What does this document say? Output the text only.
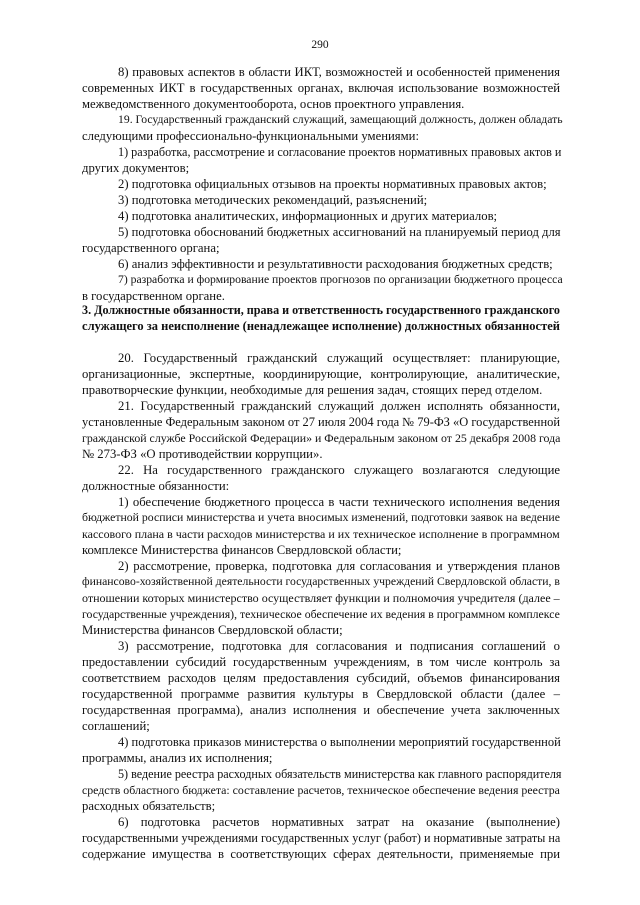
290

8) правовых аспектов в области ИКТ, возможностей и особенностей применения

современных ИКТ в государственных органах, включая использование возможностей

межведомственного документооборота, основ проектного управления.

19. Государственный гражданский служащий, замещающий должность, должен обладать

следующими профессионально-функциональными умениями:

1) разработка, рассмотрение и согласование проектов нормативных правовых актов и

других документов;

2) подготовка официальных отзывов на проекты нормативных правовых актов;

3) подготовка методических рекомендаций, разъяснений;

4) подготовка аналитических, информационных и других материалов;

5) подготовка обоснований бюджетных ассигнований на планируемый период для

государственного органа;

6) анализ эффективности и результативности расходования бюджетных средств;

7) разработка и формирование проектов прогнозов по организации бюджетного процесса

в государственном органе.

3. Должностные обязанности, права и ответственность государственного гражданского
служащего за неисполнение (ненадлежащее исполнение) должностных обязанностей

20. Государственный гражданский служащий осуществляет: планирующие,

организационные, экспертные, координирующие, контролирующие, аналитические,

правотворческие функции, необходимые для решения задач, стоящих перед отделом.

21. Государственный гражданский служащий должен исполнять обязанности,

установленные Федеральным законом от 27 июля 2004 года № 79-ФЗ «О государственной

гражданской службе Российской Федерации» и Федеральным законом от 25 декабря 2008 года

№ 273-ФЗ «О противодействии коррупции».

22. На государственного гражданского служащего возлагаются следующие

должностные обязанности:

1) обеспечение бюджетного процесса в части технического исполнения ведения

бюджетной росписи министерства и учета вносимых изменений, подготовки заявок на ведение

кассового плана в части расходов министерства и их техническое исполнение в программном

комплексе Министерства финансов Свердловской области;

2) рассмотрение, проверка, подготовка для согласования и утверждения планов

финансово-хозяйственной деятельности государственных учреждений Свердловской области, в

отношении которых министерство осуществляет функции и полномочия учредителя (далее –

государственные учреждения), техническое обеспечение их ведения в программном комплексе

Министерства финансов Свердловской области;

3) рассмотрение, подготовка для согласования и подписания соглашений о

предоставлении субсидий государственным учреждениям, в том числе контроль за

соответствием расходов целям предоставления субсидий, объемов финансирования

государственной программе развития культуры в Свердловской области (далее –

государственная программа), анализ исполнения и обеспечение учета заключенных

соглашений;

4) подготовка приказов министерства о выполнении мероприятий государственной

программы, анализ их исполнения;

5) ведение реестра расходных обязательств министерства как главного распорядителя

средств областного бюджета: составление расчетов, техническое обеспечение ведения реестра

расходных обязательств;

6) подготовка расчетов нормативных затрат на оказание (выполнение)

государственными учреждениями государственных услуг (работ) и нормативные затраты на

содержание имущества в соответствующих сферах деятельности, применяемые при
